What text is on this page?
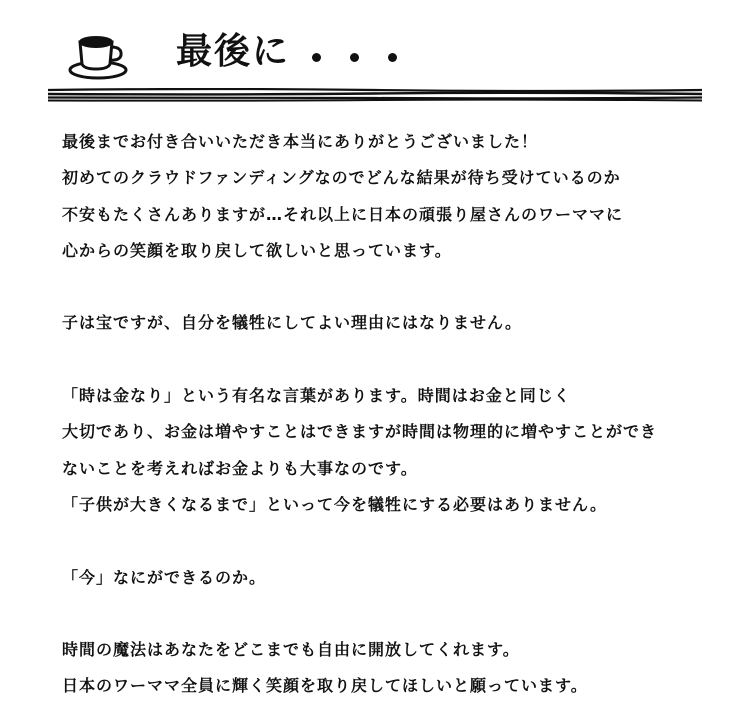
最後に
最後までお付き合いいただき本当にありがとうございました！
初めてのクラウドファンディングなのでどんな結果が待ち受けているのか
不安もたくさんありますが…それ以上に日本の頑張り屋さんのワーママに
心からの笑顔を取り戻して欲しいと思っています。
子は宝ですが、自分を犠牲にしてよい理由にはなりません。
「時は金なり」という有名な言葉があります。時間はお金と同じく
大切であり、お金は増やすことはできますが時間は物理的に増やすことができ
ないことを考えればお金よりも大事なのです。
「子供が大きくなるまで」といって今を犠牲にする必要はありません。
「今」なにができるのか。
時間の魔法はあなたをどこまでも自由に開放してくれます。
日本のワーママ全員に輝く笑顔を取り戻してほしいと願っています。
